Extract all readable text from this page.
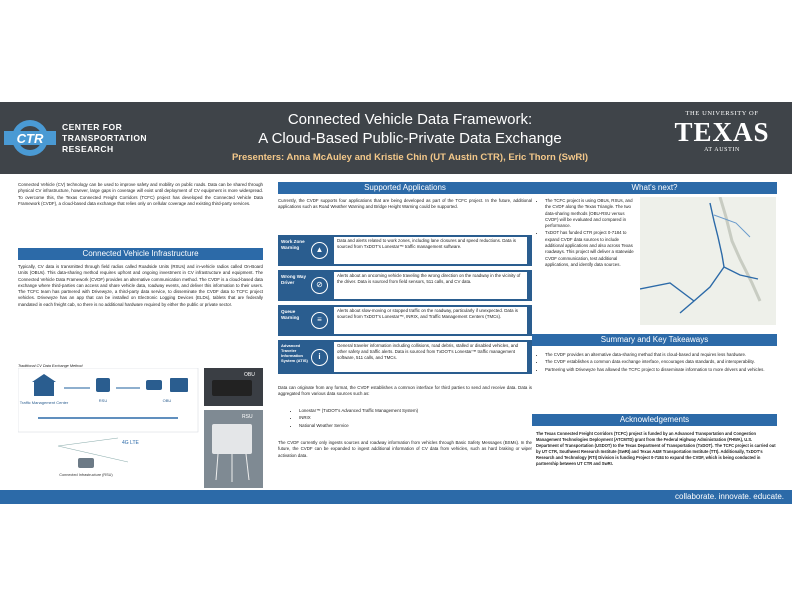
CTR
CENTER FOR
TRANSPORTATION
RESEARCH
Connected Vehicle Data Framework:
A Cloud-Based Public-Private Data Exchange
Presenters: Anna McAuley and Kristie Chin (UT Austin CTR), Eric Thorn (SwRI)
THE UNIVERSITY OF
TEXAS
AT AUSTIN
Connected Vehicle (CV) technology can be used to improve safety and mobility on public roads. Data can be shared through physical CV infrastructure, however, large gaps in coverage will exist until deployment of CV equipment is more widespread. To overcome this, the Texas Connected Freight Corridors (TCFC) project has developed the Connected Vehicle Data Framework (CVDF), a cloud-based data exchange that relies only on cellular coverage and existing third-party services.
Connected Vehicle Infrastructure
Typically, CV data is transmitted through field radios called Roadside Units (RSUs) and in-vehicle radios called On-Board Units (OBUs). This data-sharing method requires upfront and ongoing investment in CV infrastructure and equipment. The Connected Vehicle Data Framework (CVDF) provides an alternative communication method. The CVDF is a cloud-based data exchange where third-parties can access and share vehicle data, roadway events, and deliver this information to their users. The TCFC team has partnered with Drivewyze, a third-party data service, to disseminate the CVDF data to TCFC project vehicles. Drivewyze has an app that can be installed on Electronic Logging Devices (ELDs), tablets that are federally mandated in each freight cab, so there is no additional hardware required by either the public or private sector.
Traditional CV Data Exchange Method
Traffic Management Center	RSU	OBU
OBU
RSU
4G LTE
Connected Infrastructure (RSU)
Supported Applications
Currently, the CVDF supports four applications that are being developed as part of the TCFC project. In the future, additional applications such as Road Weather Warning and Bridge Height Warning could be supported.
Work Zone Warning	▲
Data and alerts related to work zones, including lane closures and speed reductions. Data is sourced from TxDOT's Lonestar™ traffic management software.
Wrong Way Driver	⊘
Alerts about an oncoming vehicle traveling the wrong direction on the roadway in the vicinity of the driver. Data is sourced from field sensors, 511 calls, and CV data.
Queue Warning	≡
Alerts about slow-moving or stopped traffic on the roadway, particularly if unexpected. Data is sourced from TxDOT's Lonestar™, INRIX, and Traffic Management Centers (TMCs).
Advanced Traveler Information System (ATIS)	i
General traveler information including collisions, road debris, stalled or disabled vehicles, and other safety and traffic alerts. Data is sourced from TxDOT's Lonestar™ traffic management software, 511 calls, and TMCs.
Data can originate from any format, the CVDF establishes a common interface for third parties to send and receive data. Data is aggregated from various data sources such as:
• Lonestar™ (TxDOT's Advanced Traffic Management System)
• INRIX
• National Weather Service
The CVDF currently only ingests sources and roadway information from vehicles through Basic Safety Messages (BSMs). In the future, the CVDF can be expanded to ingest additional information of CV data from vehicles, such as hard braking or wiper activation data.
What's next?
• The TCFC project is using OBUs, RSUs, and the CVDF along the Texas Triangle. The two data-sharing methods (OBU-RSU versus CVDF) will be evaluated and compared in performance.
• TxDOT has funded CTR project 0-7184 to expand CVDF data sources to include additional applications and also across Texas roadways. This project will deliver a statewide CVDF communication, test additional applications, and identify data sources.
Summary and Key Takeaways
• The CVDF provides an alternative data-sharing method that is cloud-based and requires less hardware.
• The CVDF establishes a common data exchange interface, encourages data standards, and interoperability.
• Partnering with Drivewyze has allowed the TCFC project to disseminate information to more drivers and vehicles.
Acknowledgements
The Texas Connected Freight Corridors (TCFC) project is funded by an Advanced Transportation and Congestion Management Technologies Deployment (ATCMTD) grant from the Federal Highway Administration (FHWA), U.S. Department of Transportation (USDOT) to the Texas Department of Transportation (TxDOT). The TCFC project is carried out by UT CTR, Southwest Research Institute (SwRI) and Texas A&M Transportation Institute (TTI). Additionally, TxDOT's Research and Technology (RTI) Division is funding Project 0-7184 to expand the CVDF, which is being conducted in partnership between UT CTR and SwRI.
collaborate. innovate. educate.
